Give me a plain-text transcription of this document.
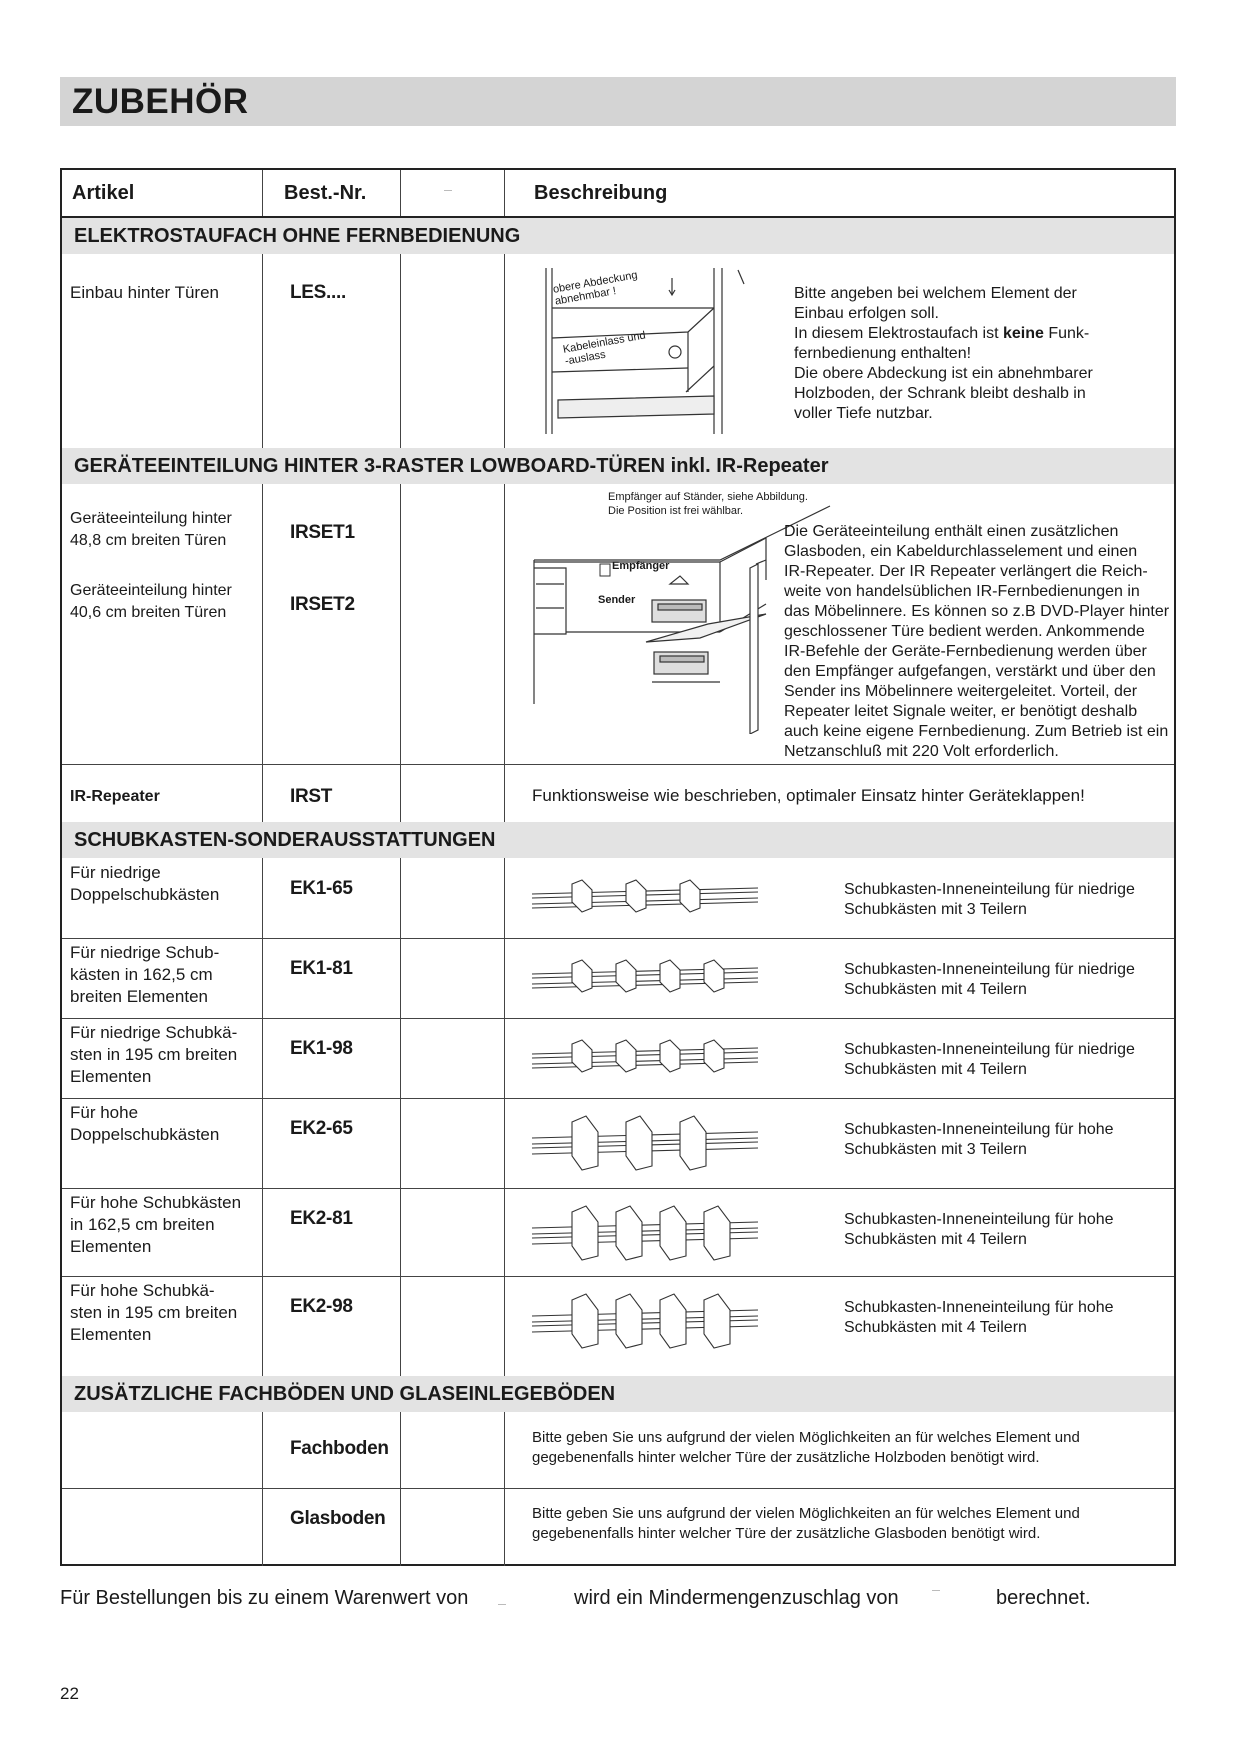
ZUBEHÖR
Artikel	Best.-Nr.	Beschreibung
ELEKTROSTAUFACH OHNE FERNBEDIENUNG
Einbau hinter Türen	LES....	obere Abdeckung
abnehmbar !
Kabeleinlass und
-auslass
Bitte angeben bei welchem Element der
Einbau erfolgen soll.
In diesem Elektrostaufach ist keine Funk-
fernbedienung enthalten!
Die obere Abdeckung ist ein abnehmbarer
Holzboden, der Schrank bleibt deshalb in
voller Tiefe nutzbar.
GERÄTEEINTEILUNG HINTER 3-RASTER LOWBOARD-TÜREN inkl. IR-Repeater
Geräteeinteilung hinter
48,8 cm breiten Türen	IRSET1
Geräteeinteilung hinter
40,6 cm breiten Türen	IRSET2
Empfänger auf Ständer, siehe Abbildung.
Die Position ist frei wählbar.
Empfänger
Sender
Die Geräteeinteilung enthält einen zusätzlichen
Glasboden, ein Kabeldurchlasselement und einen
IR-Repeater. Der IR Repeater verlängert die Reich-
weite von handelsüblichen IR-Fernbedienungen in
das Möbelinnere. Es können so z.B DVD-Player hinter
geschlossener Türe bedient werden. Ankommende
IR-Befehle der Geräte-Fernbedienung werden über
den Empfänger aufgefangen, verstärkt und über den
Sender ins Möbelinnere weitergeleitet. Vorteil, der
Repeater leitet Signale weiter, er benötigt deshalb
auch keine eigene Fernbedienung. Zum Betrieb ist ein
Netzanschluß mit 220 Volt erforderlich.
IR-Repeater	IRST	Funktionsweise wie beschrieben, optimaler Einsatz hinter Geräteklappen!
SCHUBKASTEN-SONDERAUSSTATTUNGEN
Für niedrige
Doppelschubkästen	EK1-65	Schubkasten-Inneneinteilung für niedrige
Schubkästen mit 3 Teilern
Für niedrige Schub-
kästen in 162,5 cm
breiten Elementen
EK1-81	Schubkasten-Inneneinteilung für niedrige
Schubkästen mit 4 Teilern
Für niedrige Schubkä-
sten in 195 cm breiten
Elementen
EK1-98	Schubkasten-Inneneinteilung für niedrige
Schubkästen mit 4 Teilern
Für hohe
Doppelschubkästen	EK2-65	Schubkasten-Inneneinteilung für hohe
Schubkästen mit 3 Teilern
Für hohe Schubkästen
in 162,5 cm breiten
Elementen
EK2-81	Schubkasten-Inneneinteilung für hohe
Schubkästen mit 4 Teilern
Für hohe Schubkä-
sten in 195 cm breiten
Elementen
EK2-98	Schubkasten-Inneneinteilung für hohe
Schubkästen mit 4 Teilern
ZUSÄTZLICHE FACHBÖDEN UND GLASEINLEGEBÖDEN
Fachboden
Bitte geben Sie uns aufgrund der vielen Möglichkeiten an für welches Element und
gegebenenfalls hinter welcher Türe der zusätzliche Holzboden benötigt wird.
Glasboden	Bitte geben Sie uns aufgrund der vielen Möglichkeiten an für welches Element und
gegebenenfalls hinter welcher Türe der zusätzliche Glasboden benötigt wird.
Für Bestellungen bis zu einem Warenwert von	wird ein Mindermengenzuschlag von	berechnet.
22
